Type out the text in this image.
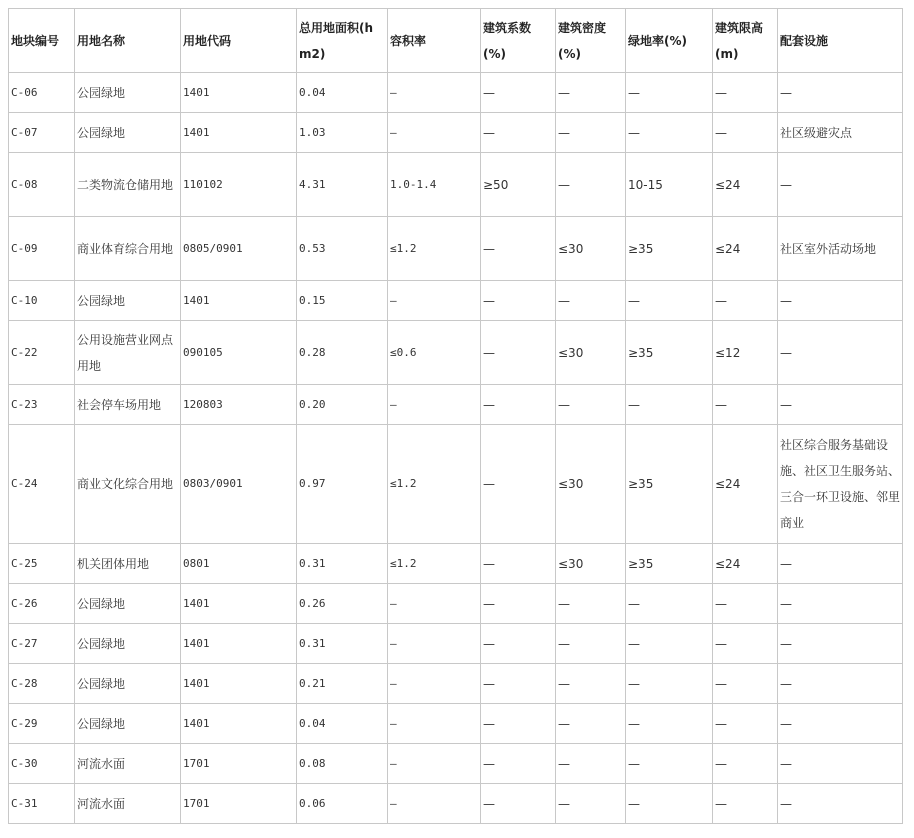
地块编号	用地名称	用地代码	总用地面积(hm2)	容积率	建筑系数(%)	建筑密度(%)	绿地率(%)	建筑限高(m)	配套设施
C-06	公园绿地	1401	0.04	—	—	—	—	—	—
C-07	公园绿地	1401	1.03	—	—	—	—	—	社区级避灾点
C-08	二类物流仓储用地	110102	4.31	1.0-1.4	≥50	—	10-15	≤24	—
C-09	商业体育综合用地	0805/0901	0.53	≤1.2	—	≤30	≥35	≤24	社区室外活动场地
C-10	公园绿地	1401	0.15	—	—	—	—	—	—
C-22	公用设施营业网点用地	090105	0.28	≤0.6	—	≤30	≥35	≤12	—
C-23	社会停车场用地	120803	0.20	—	—	—	—	—	—
C-24	商业文化综合用地	0803/0901	0.97	≤1.2	—	≤30	≥35	≤24	社区综合服务基础设施、社区卫生服务站、三合一环卫设施、邻里商业
C-25	机关团体用地	0801	0.31	≤1.2	—	≤30	≥35	≤24	—
C-26	公园绿地	1401	0.26	—	—	—	—	—	—
C-27	公园绿地	1401	0.31	—	—	—	—	—	—
C-28	公园绿地	1401	0.21	—	—	—	—	—	—
C-29	公园绿地	1401	0.04	—	—	—	—	—	—
C-30	河流水面	1701	0.08	—	—	—	—	—	—
C-31	河流水面	1701	0.06	—	—	—	—	—	—
